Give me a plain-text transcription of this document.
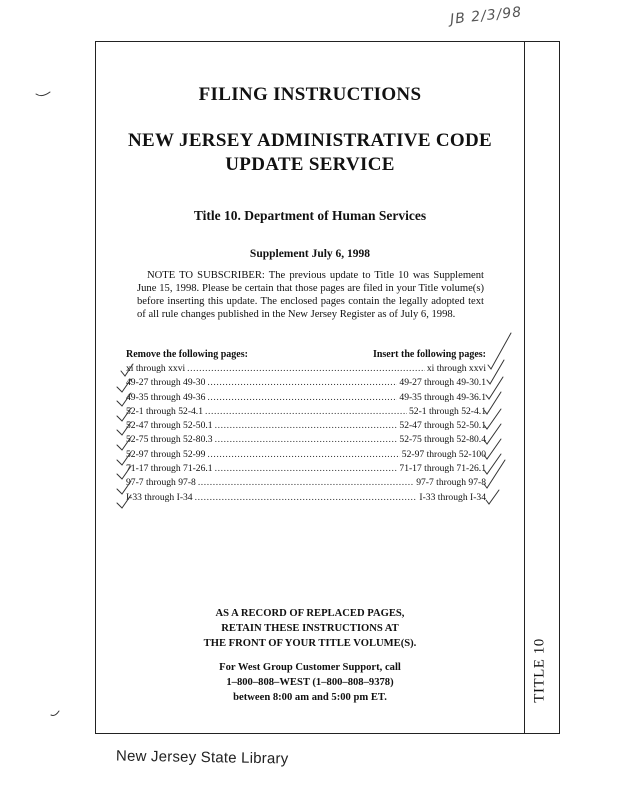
JB 2/3/98
TITLE 10
FILING INSTRUCTIONS
NEW JERSEY ADMINISTRATIVE CODE
UPDATE SERVICE
Title 10. Department of Human Services
Supplement July 6, 1998
NOTE TO SUBSCRIBER: The previous update to Title 10 was Supplement June 15, 1998. Please be certain that those pages are filed in your Title volume(s) before inserting this update. The enclosed pages contain the legally adopted text of all rule changes published in the New Jersey Register as of July 6, 1998.
Remove the following pages:	Insert the following pages:
xi through xxvi .....	xi through xxvi
49-27 through 49-30 .....	49-27 through 49-30.1
49-35 through 49-36 .....	49-35 through 49-36.1
52-1 through 52-4.1 .....	52-1 through 52-4.1
52-47 through 52-50.1 .....	52-47 through 52-50.1
52-75 through 52-80.3 .....	52-75 through 52-80.4
52-97 through 52-99 .....	52-97 through 52-100
71-17 through 71-26.1 .....	71-17 through 71-26.1
97-7 through 97-8 .....	97-7 through 97-8
I-33 through I-34 .....	I-33 through I-34
AS A RECORD OF REPLACED PAGES,
RETAIN THESE INSTRUCTIONS AT
THE FRONT OF YOUR TITLE VOLUME(S).
For West Group Customer Support, call
1–800–808–WEST (1–800–808–9378)
between 8:00 am and 5:00 pm ET.
New Jersey State Library
